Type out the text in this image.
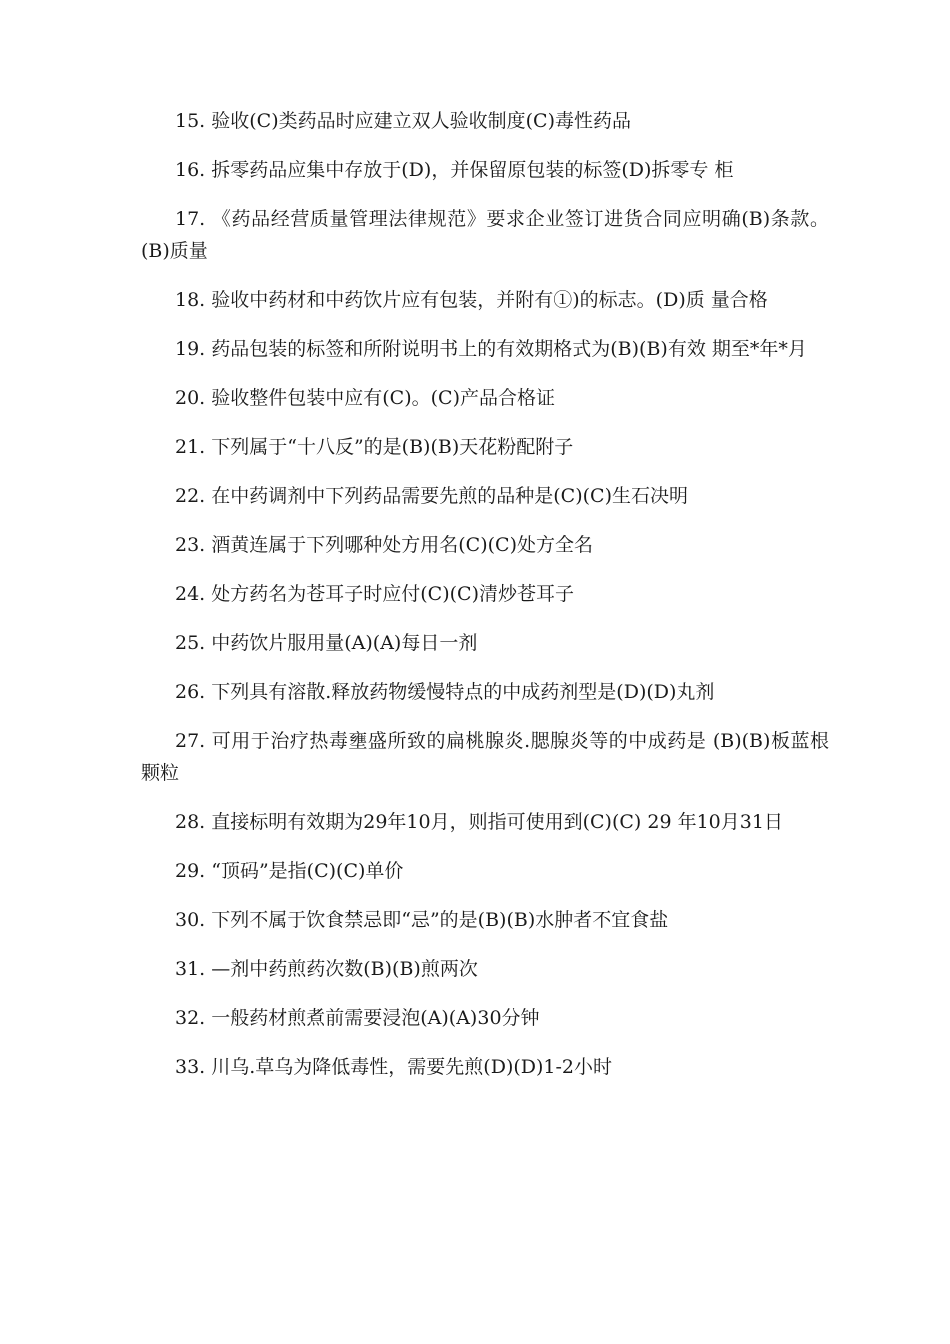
15. 验收(C)类药品时应建立双人验收制度(C)毒性药品

16. 拆零药品应集中存放于(D)，并保留原包装的标签(D)拆零专 柜

17. 《药品经营质量管理法律规范》要求企业签订进货合同应明确(B)条款。(B)质量

18. 验收中药材和中药饮片应有包装，并附有①)的标志。(D)质 量合格

19. 药品包装的标签和所附说明书上的有效期格式为(B)(B)有效 期至*年*月

20. 验收整件包装中应有(C)。(C)产品合格证

21. 下列属于“十八反”的是(B)(B)天花粉配附子

22. 在中药调剂中下列药品需要先煎的品种是(C)(C)生石决明

23. 酒黄连属于下列哪种处方用名(C)(C)处方全名

24. 处方药名为苍耳子时应付(C)(C)清炒苍耳子

25. 中药饮片服用量(A)(A)每日一剂

26. 下列具有溶散.释放药物缓慢特点的中成药剂型是(D)(D)丸剂

27. 可用于治疗热毒壅盛所致的扁桃腺炎.腮腺炎等的中成药是 (B)(B)板蓝根颗粒

28. 直接标明有效期为29年10月，则指可使用到(C)(C) 29 年10月31日

29. “顶码”是指(C)(C)单价

30. 下列不属于饮食禁忌即“忌”的是(B)(B)水肿者不宜食盐

31. —剂中药煎药次数(B)(B)煎两次

32. 一般药材煎煮前需要浸泡(A)(A)30分钟

33. 川乌.草乌为降低毒性，需要先煎(D)(D)1-2小时
